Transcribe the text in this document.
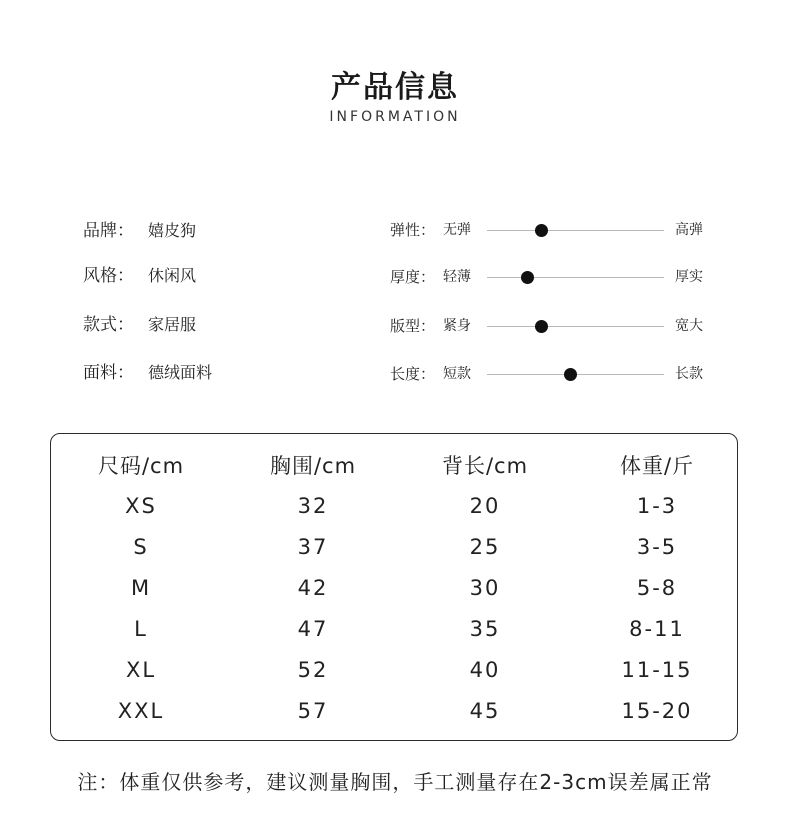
产品信息
INFORMATION
品牌： 嬉皮狗
风格： 休闲风
款式： 家居服
面料： 德绒面料
弹性： 无弹	高弹
厚度： 轻薄	厚实
版型： 紧身	宽大
长度： 短款	长款
尺码/cm	胸围/cm	背长/cm	体重/斤
XS	32	20	1-3
S	37	25	3-5
M	42	30	5-8
L	47	35	8-11
XL	52	40	11-15
XXL	57	45	15-20
注：体重仅供参考，建议测量胸围，手工测量存在2-3cm误差属正常
